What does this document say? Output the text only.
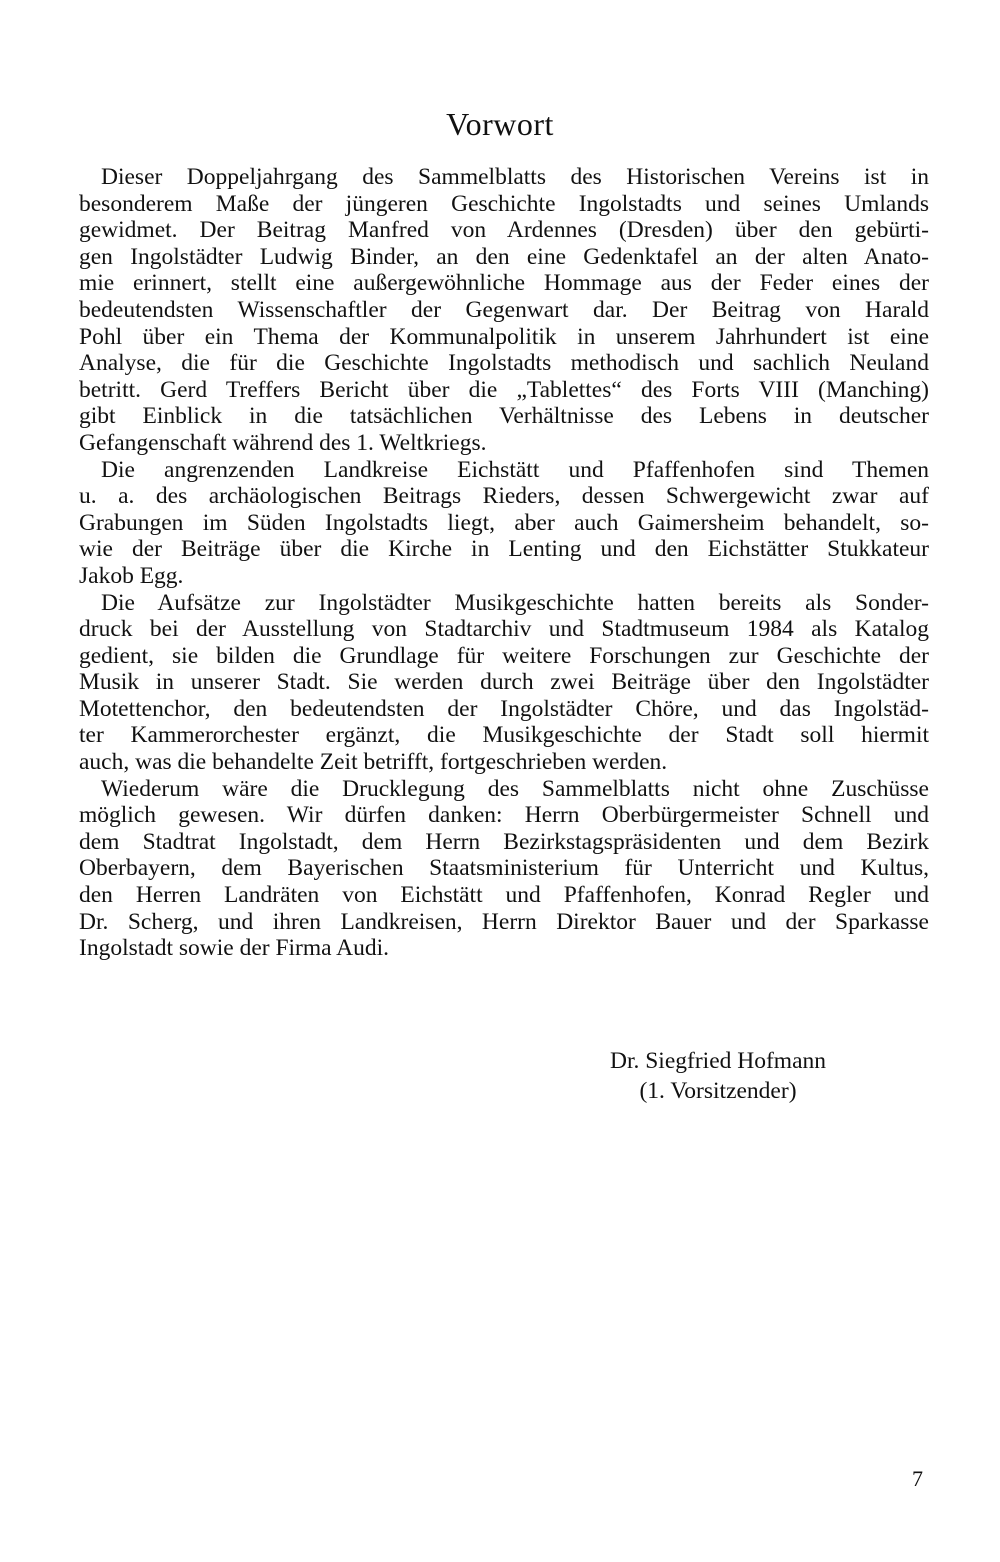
Vorwort
Dieser Doppeljahrgang des Sammelblatts des Historischen Vereins ist in
besonderem Maße der jüngeren Geschichte Ingolstadts und seines Umlands
gewidmet. Der Beitrag Manfred von Ardennes (Dresden) über den gebürti-
gen Ingolstädter Ludwig Binder, an den eine Gedenktafel an der alten Anato-
mie erinnert, stellt eine außergewöhnliche Hommage aus der Feder eines der
bedeutendsten Wissenschaftler der Gegenwart dar. Der Beitrag von Harald
Pohl über ein Thema der Kommunalpolitik in unserem Jahrhundert ist eine
Analyse, die für die Geschichte Ingolstadts methodisch und sachlich Neuland
betritt. Gerd Treffers Bericht über die „Tablettes“ des Forts VIII (Manching)
gibt Einblick in die tatsächlichen Verhältnisse des Lebens in deutscher
Gefangenschaft während des 1. Weltkriegs.
Die angrenzenden Landkreise Eichstätt und Pfaffenhofen sind Themen
u. a. des archäologischen Beitrags Rieders, dessen Schwergewicht zwar auf
Grabungen im Süden Ingolstadts liegt, aber auch Gaimersheim behandelt, so-
wie der Beiträge über die Kirche in Lenting und den Eichstätter Stukkateur
Jakob Egg.
Die Aufsätze zur Ingolstädter Musikgeschichte hatten bereits als Sonder-
druck bei der Ausstellung von Stadtarchiv und Stadtmuseum 1984 als Katalog
gedient, sie bilden die Grundlage für weitere Forschungen zur Geschichte der
Musik in unserer Stadt. Sie werden durch zwei Beiträge über den Ingolstädter
Motettenchor, den bedeutendsten der Ingolstädter Chöre, und das Ingolstäd-
ter Kammerorchester ergänzt, die Musikgeschichte der Stadt soll hiermit
auch, was die behandelte Zeit betrifft, fortgeschrieben werden.
Wiederum wäre die Drucklegung des Sammelblatts nicht ohne Zuschüsse
möglich gewesen. Wir dürfen danken: Herrn Oberbürgermeister Schnell und
dem Stadtrat Ingolstadt, dem Herrn Bezirkstagspräsidenten und dem Bezirk
Oberbayern, dem Bayerischen Staatsministerium für Unterricht und Kultus,
den Herren Landräten von Eichstätt und Pfaffenhofen, Konrad Regler und
Dr. Scherg, und ihren Landkreisen, Herrn Direktor Bauer und der Sparkasse
Ingolstadt sowie der Firma Audi.
Dr. Siegfried Hofmann
(1. Vorsitzender)
7
